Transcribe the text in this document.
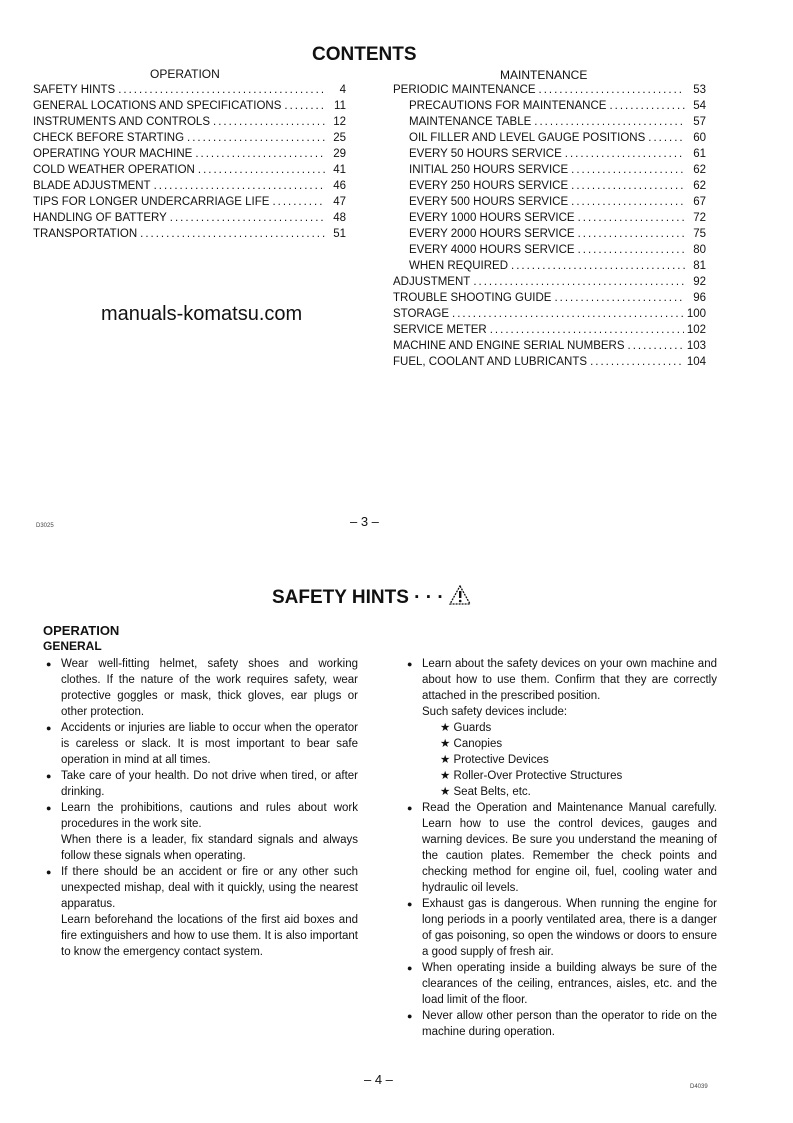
CONTENTS
OPERATION	MAINTENANCE
SAFETY HINTS .....	4
GENERAL LOCATIONS AND SPECIFICATIONS .....	11
INSTRUMENTS AND CONTROLS .....	12
CHECK BEFORE STARTING .....	25
OPERATING YOUR MACHINE .....	29
COLD WEATHER OPERATION .....	41
BLADE ADJUSTMENT .....	46
TIPS FOR LONGER UNDERCARRIAGE LIFE .....	47
HANDLING OF BATTERY .....	48
TRANSPORTATION .....	51
PERIODIC MAINTENANCE .....	53
PRECAUTIONS FOR MAINTENANCE .....	54
MAINTENANCE TABLE .....	57
OIL FILLER AND LEVEL GAUGE POSITIONS .....	60
EVERY 50 HOURS SERVICE .....	61
INITIAL 250 HOURS SERVICE .....	62
EVERY 250 HOURS SERVICE .....	62
EVERY 500 HOURS SERVICE .....	67
EVERY 1000 HOURS SERVICE .....	72
EVERY 2000 HOURS SERVICE .....	75
EVERY 4000 HOURS SERVICE .....	80
WHEN REQUIRED .....	81
ADJUSTMENT .....	92
TROUBLE SHOOTING GUIDE .....	96
STORAGE .....	100
SERVICE METER .....	102
MACHINE AND ENGINE SERIAL NUMBERS .....	103
FUEL, COOLANT AND LUBRICANTS .....	104
manuals-komatsu.com
D3025	– 3 –
SAFETY HINTS · · ·
OPERATION
GENERAL
● Wear well-fitting helmet, safety shoes and working clothes. If the nature of the work requires safety, wear protective goggles or mask, thick gloves, ear plugs or other protection.
● Accidents or injuries are liable to occur when the operator is careless or slack. It is most important to bear safe operation in mind at all times.
● Take care of your health. Do not drive when tired, or after drinking.
● Learn the prohibitions, cautions and rules about work procedures in the work site.
When there is a leader, fix standard signals and always follow these signals when operating.
● If there should be an accident or fire or any other such unexpected mishap, deal with it quickly, using the nearest apparatus.
Learn beforehand the locations of the first aid boxes and fire extinguishers and how to use them. It is also important to know the emergency contact system.
● Learn about the safety devices on your own machine and about how to use them. Confirm that they are correctly attached in the prescribed position.
Such safety devices include:
★ Guards
★ Canopies
★ Protective Devices
★ Roller-Over Protective Structures
★ Seat Belts, etc.
● Read the Operation and Maintenance Manual carefully. Learn how to use the control devices, gauges and warning devices. Be sure you understand the meaning of the caution plates. Remember the check points and checking method for engine oil, fuel, cooling water and hydraulic oil levels.
● Exhaust gas is dangerous. When running the engine for long periods in a poorly ventilated area, there is a danger of gas poisoning, so open the windows or doors to ensure a good supply of fresh air.
● When operating inside a building always be sure of the clearances of the ceiling, entrances, aisles, etc. and the load limit of the floor.
● Never allow other person than the operator to ride on the machine during operation.
– 4 –	D4039
